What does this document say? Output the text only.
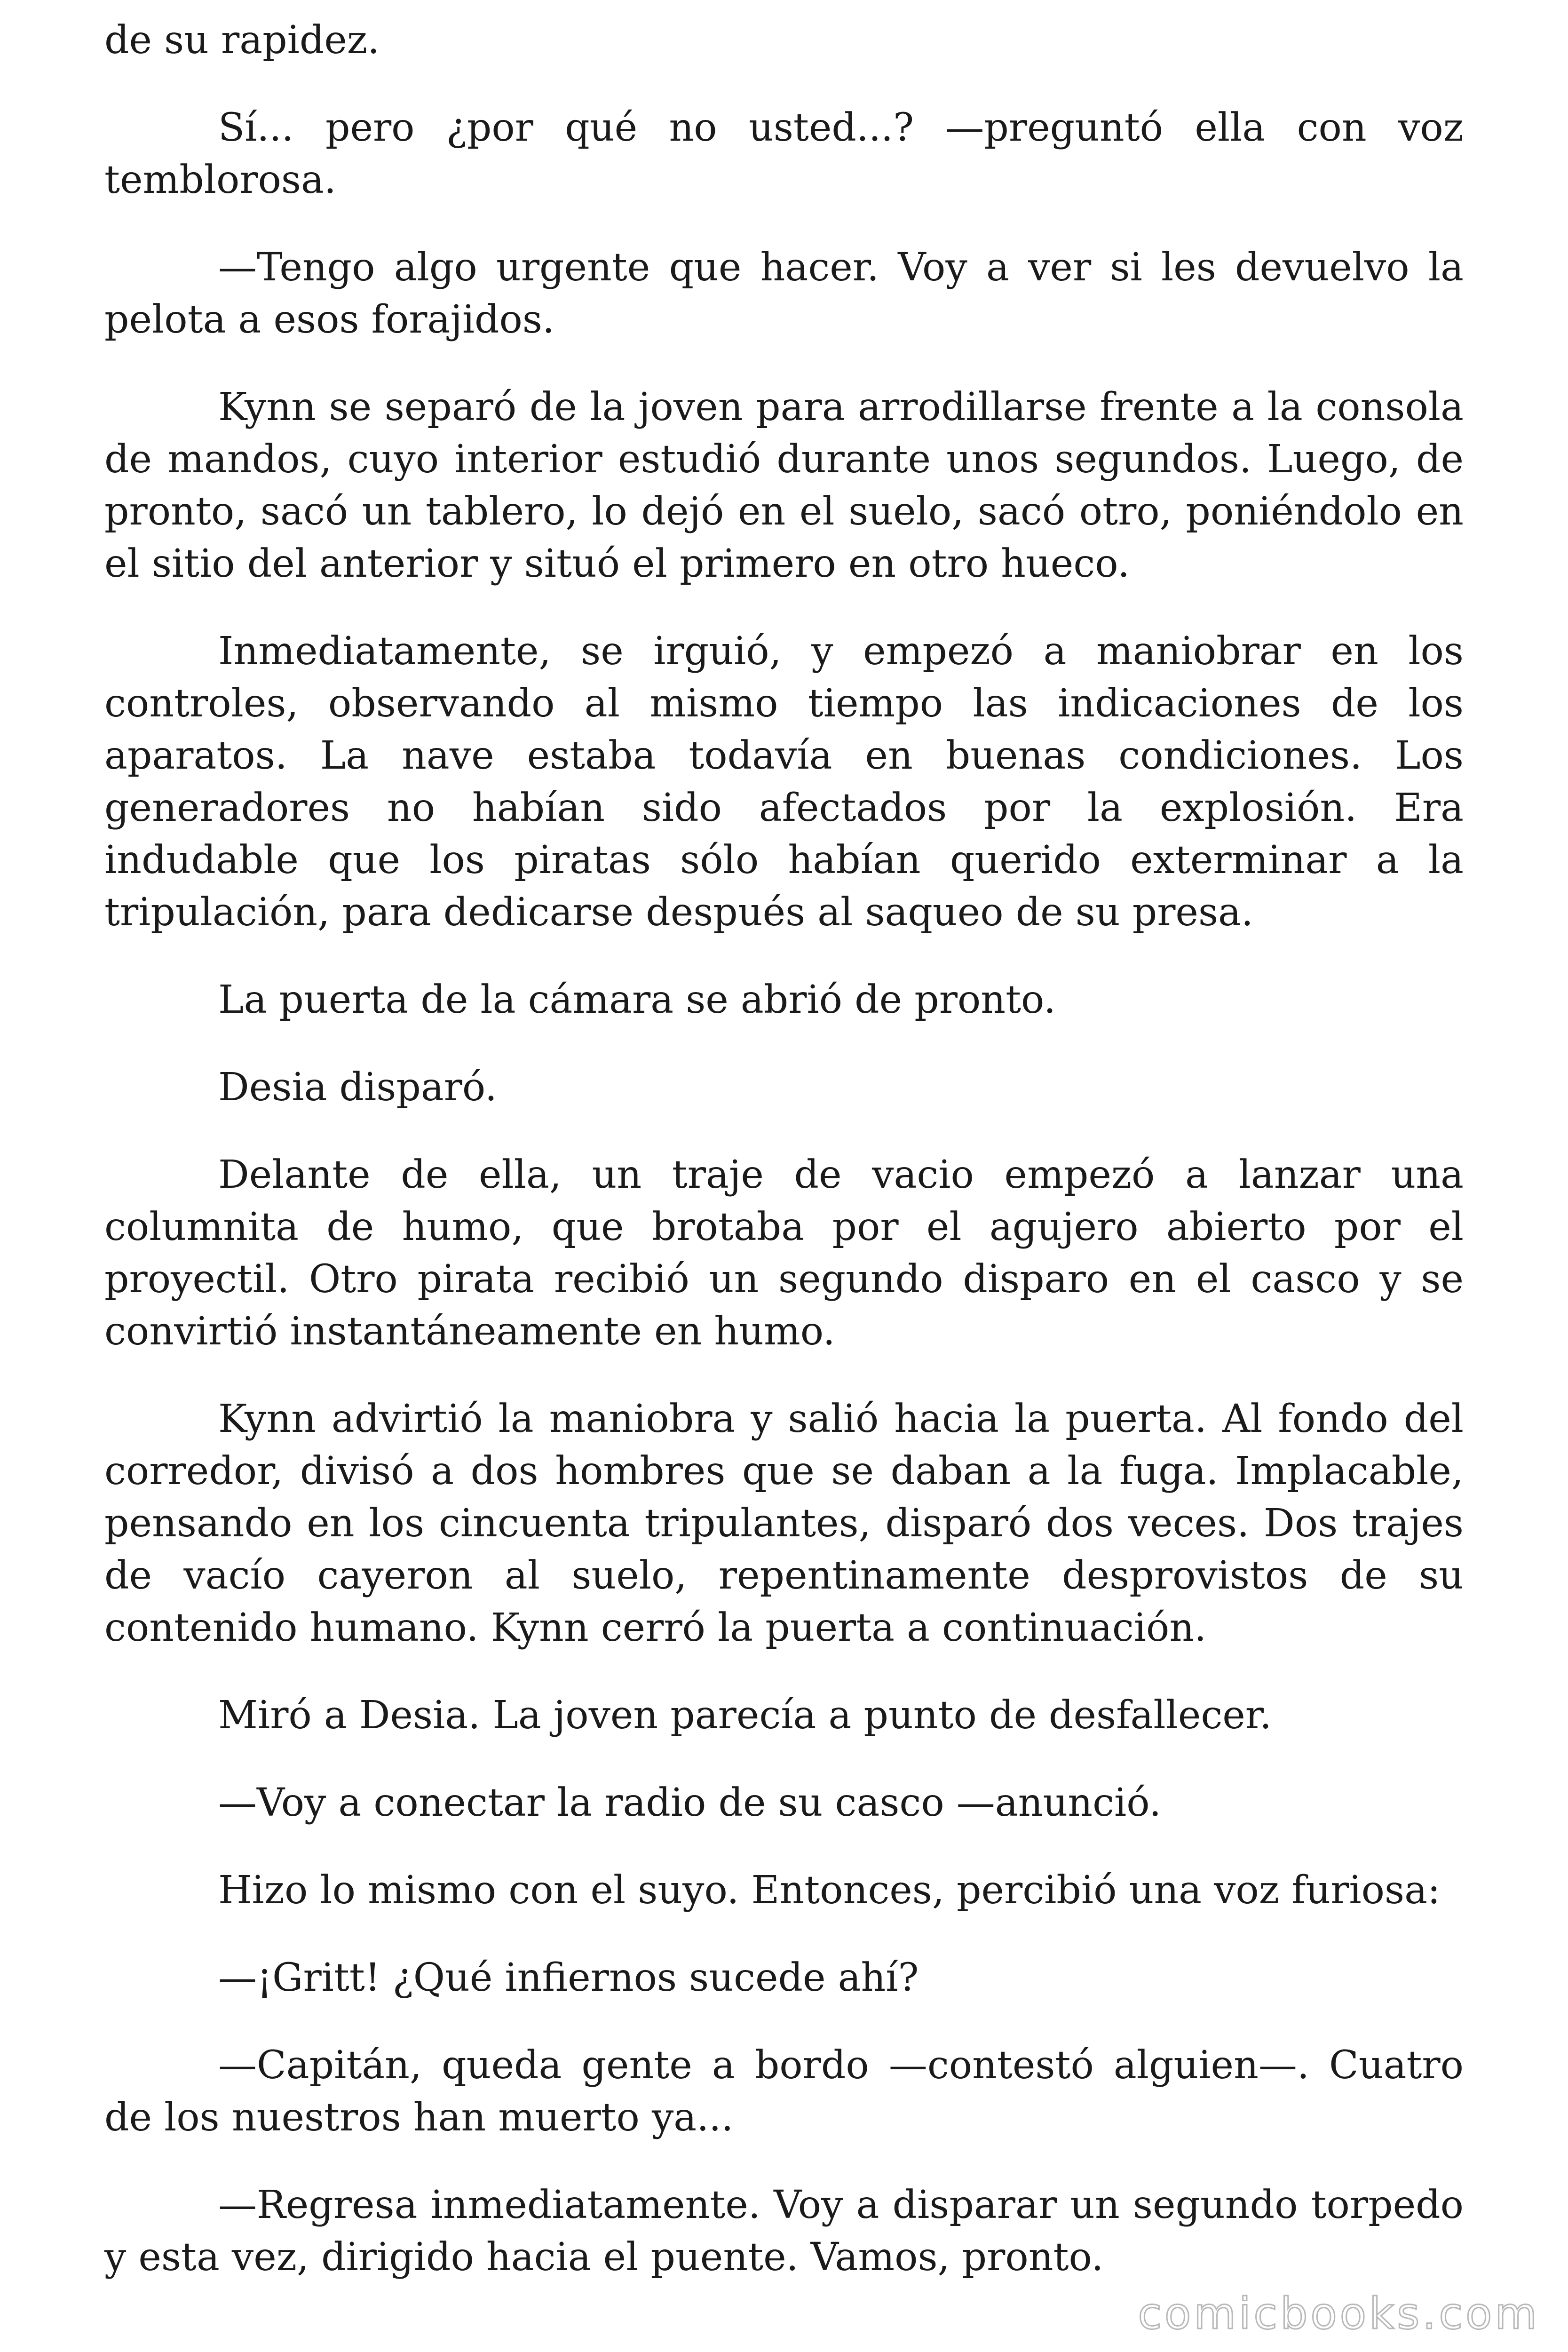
de su rapidez.

Sí... pero ¿por qué no usted...? —preguntó ella con voz temblorosa.

—Tengo algo urgente que hacer. Voy a ver si les devuelvo la pelota a esos forajidos.

Kynn se separó de la joven para arrodillarse frente a la consola de mandos, cuyo interior estudió durante unos segundos. Luego, de pronto, sacó un tablero, lo dejó en el suelo, sacó otro, poniéndolo en el sitio del anterior y situó el primero en otro hueco.

Inmediatamente, se irguió, y empezó a maniobrar en los controles, observando al mismo tiempo las indicaciones de los aparatos. La nave estaba todavía en buenas condiciones. Los generadores no habían sido afectados por la explosión. Era indudable que los piratas sólo habían querido exterminar a la tripulación, para dedicarse después al saqueo de su presa.

La puerta de la cámara se abrió de pronto.

Desia disparó.

Delante de ella, un traje de vacio empezó a lanzar una columnita de humo, que brotaba por el agujero abierto por el proyectil. Otro pirata recibió un segundo disparo en el casco y se convirtió instantáneamente en humo.

Kynn advirtió la maniobra y salió hacia la puerta. Al fondo del corredor, divisó a dos hombres que se daban a la fuga. Implacable, pensando en los cincuenta tripulantes, disparó dos veces. Dos trajes de vacío cayeron al suelo, repentinamente desprovistos de su contenido humano. Kynn cerró la puerta a continuación.

Miró a Desia. La joven parecía a punto de desfallecer.

—Voy a conectar la radio de su casco —anunció.

Hizo lo mismo con el suyo. Entonces, percibió una voz furiosa:

—¡Gritt! ¿Qué infiernos sucede ahí?

—Capitán, queda gente a bordo —contestó alguien—. Cuatro de los nuestros han muerto ya...

—Regresa inmediatamente. Voy a disparar un segundo torpedo y esta vez, dirigido hacia el puente. Vamos, pronto.

comicbooks.com
